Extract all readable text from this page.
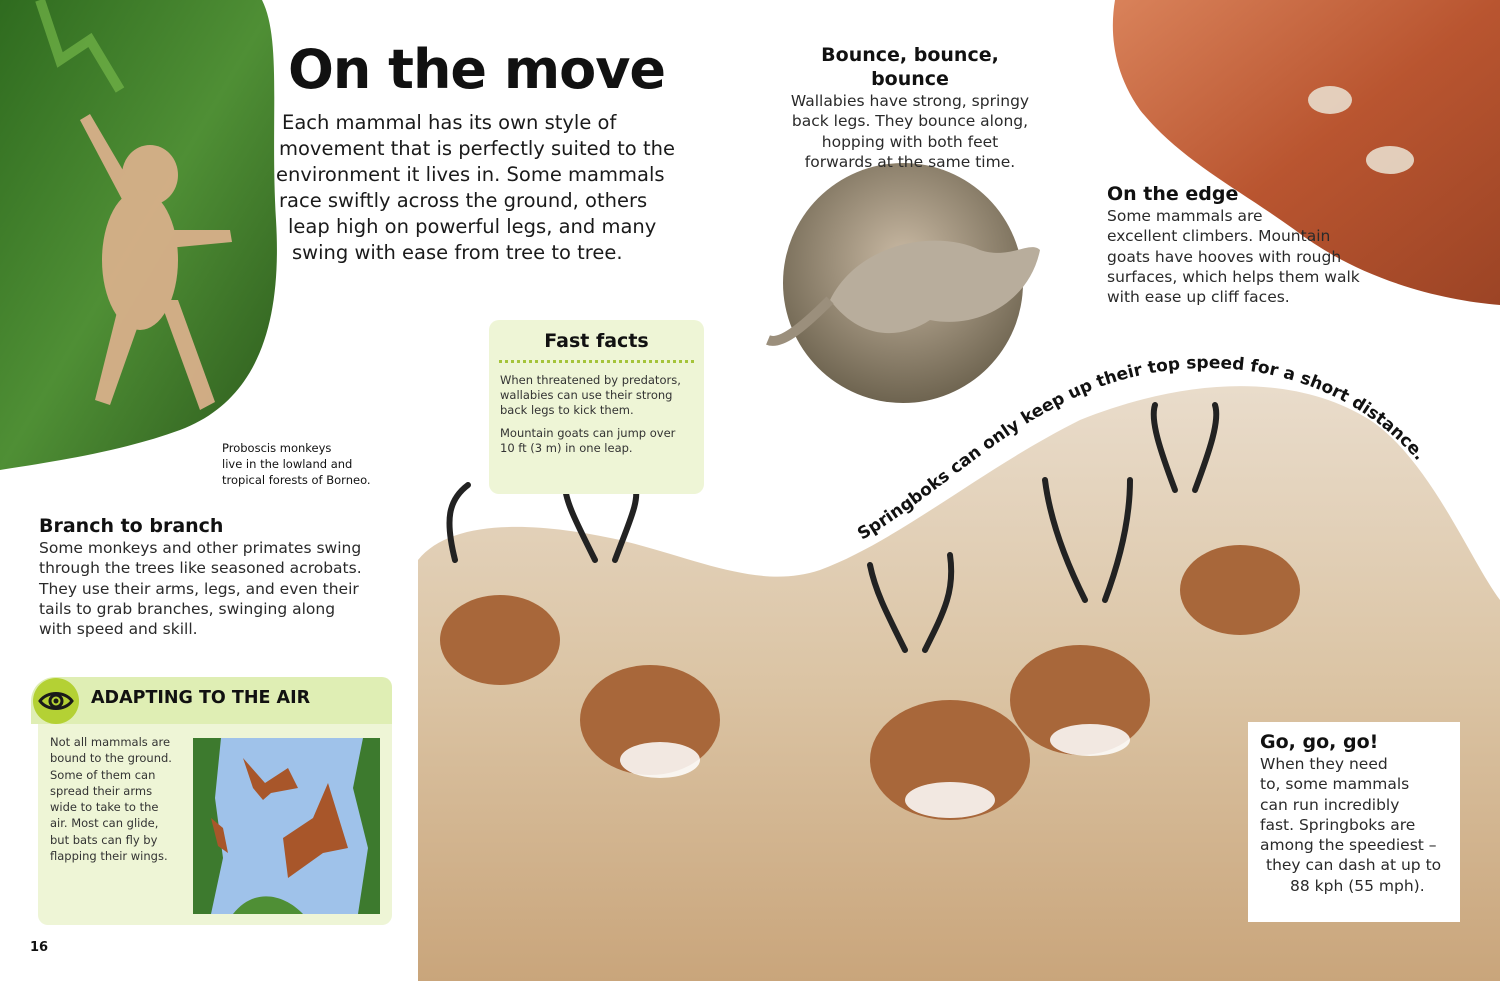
Springboks can only keep up their top speed for a short distance.
On the move
Each mammal has its own style of
movement that is perfectly suited to the
environment it lives in. Some mammals
race swiftly across the ground, others
leap high on powerful legs, and many
swing with ease from tree to tree.
Proboscis monkeys
live in the lowland and
tropical forests of Borneo.

Branch to branch

Some monkeys and other primates swing
through the trees like seasoned acrobats.
They use their arms, legs, and even their
tails to grab branches, swinging along
with speed and skill.

Bounce, bounce, bounce

Wallabies have strong, springy
back legs. They bounce along,
hopping with both feet
forwards at the same time.

On the edge

Some mammals are
excellent climbers. Mountain
goats have hooves with rough
surfaces, which helps them walk
with ease up cliff faces.

Fast facts

When threatened by predators,
wallabies can use their strong
back legs to kick them.

Mountain goats can jump over
10 ft (3 m) in one leap.

ADAPTING TO THE AIR
Not all mammals are
bound to the ground.
Some of them can
spread their arms
wide to take to the
air. Most can glide,
but bats can fly by
flapping their wings.

Go, go, go!

When they need
to, some mammals
can run incredibly
fast. Springboks are
among the speediest –
they can dash at up to
88 kph (55 mph).

16
